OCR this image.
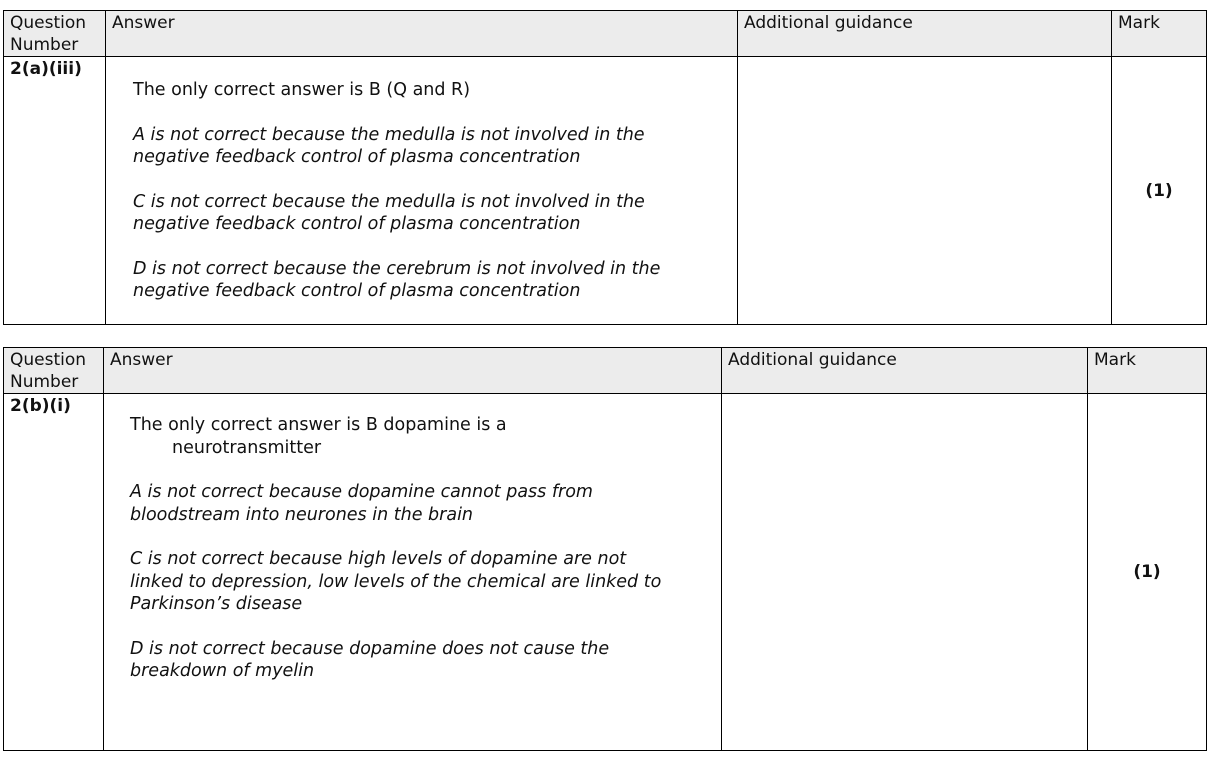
Question Number	Answer	Additional guidance	Mark
2(a)(iii)	The only correct answer is B (Q and R)

A is not correct because the medulla is not involved in the negative feedback control of plasma concentration

C is not correct because the medulla is not involved in the negative feedback control of plasma concentration

D is not correct because the cerebrum is not involved in the negative feedback control of plasma concentration		(1)
Question Number	Answer	Additional guidance	Mark
2(b)(i)	The only correct answer is B dopamine is a
neurotransmitter

A is not correct because dopamine cannot pass from bloodstream into neurones in the brain

C is not correct because high levels of dopamine are not linked to depression, low levels of the chemical are linked to Parkinson’s disease

D is not correct because dopamine does not cause the breakdown of myelin		(1)
